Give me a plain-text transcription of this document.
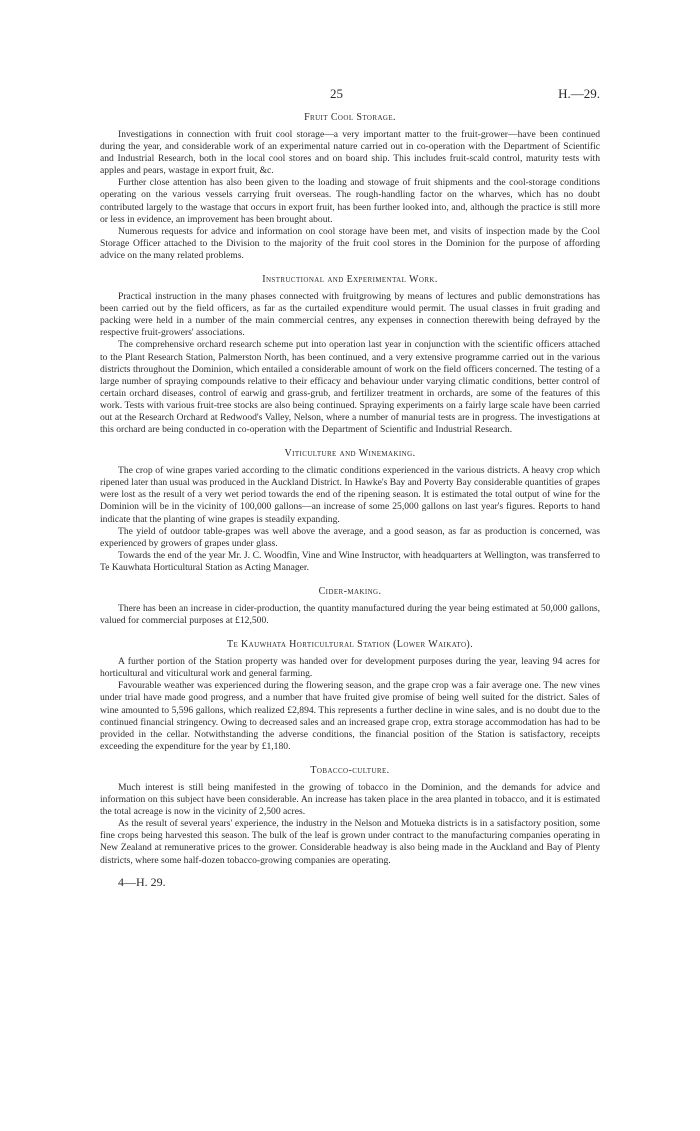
25	H.—29.
Fruit Cool Storage.

Investigations in connection with fruit cool storage—a very important matter to the fruit-grower—have been continued during the year, and considerable work of an experimental nature carried out in co-operation with the Department of Scientific and Industrial Research, both in the local cool stores and on board ship. This includes fruit-scald control, maturity tests with apples and pears, wastage in export fruit, &c.

Further close attention has also been given to the loading and stowage of fruit shipments and the cool-storage conditions operating on the various vessels carrying fruit overseas. The rough-handling factor on the wharves, which has no doubt contributed largely to the wastage that occurs in export fruit, has been further looked into, and, although the practice is still more or less in evidence, an improvement has been brought about.

Numerous requests for advice and information on cool storage have been met, and visits of inspection made by the Cool Storage Officer attached to the Division to the majority of the fruit cool stores in the Dominion for the purpose of affording advice on the many related problems.

Instructional and Experimental Work.

Practical instruction in the many phases connected with fruitgrowing by means of lectures and public demonstrations has been carried out by the field officers, as far as the curtailed expenditure would permit. The usual classes in fruit grading and packing were held in a number of the main commercial centres, any expenses in connection therewith being defrayed by the respective fruit-growers' associations.

The comprehensive orchard research scheme put into operation last year in conjunction with the scientific officers attached to the Plant Research Station, Palmerston North, has been continued, and a very extensive programme carried out in the various districts throughout the Dominion, which entailed a considerable amount of work on the field officers concerned. The testing of a large number of spraying compounds relative to their efficacy and behaviour under varying climatic conditions, better control of certain orchard diseases, control of earwig and grass-grub, and fertilizer treatment in orchards, are some of the features of this work. Tests with various fruit-tree stocks are also being continued. Spraying experiments on a fairly large scale have been carried out at the Research Orchard at Redwood's Valley, Nelson, where a number of manurial tests are in progress. The investigations at this orchard are being conducted in co-operation with the Department of Scientific and Industrial Research.

Viticulture and Winemaking.

The crop of wine grapes varied according to the climatic conditions experienced in the various districts. A heavy crop which ripened later than usual was produced in the Auckland District. In Hawke's Bay and Poverty Bay considerable quantities of grapes were lost as the result of a very wet period towards the end of the ripening season. It is estimated the total output of wine for the Dominion will be in the vicinity of 100,000 gallons—an increase of some 25,000 gallons on last year's figures. Reports to hand indicate that the planting of wine grapes is steadily expanding.

The yield of outdoor table-grapes was well above the average, and a good season, as far as production is concerned, was experienced by growers of grapes under glass.

Towards the end of the year Mr. J. C. Woodfin, Vine and Wine Instructor, with headquarters at Wellington, was transferred to Te Kauwhata Horticultural Station as Acting Manager.

Cider-making.

There has been an increase in cider-production, the quantity manufactured during the year being estimated at 50,000 gallons, valued for commercial purposes at £12,500.

Te Kauwhata Horticultural Station (Lower Waikato).

A further portion of the Station property was handed over for development purposes during the year, leaving 94 acres for horticultural and viticultural work and general farming.

Favourable weather was experienced during the flowering season, and the grape crop was a fair average one. The new vines under trial have made good progress, and a number that have fruited give promise of being well suited for the district. Sales of wine amounted to 5,596 gallons, which realized £2,894. This represents a further decline in wine sales, and is no doubt due to the continued financial stringency. Owing to decreased sales and an increased grape crop, extra storage accommodation has had to be provided in the cellar. Notwithstanding the adverse conditions, the financial position of the Station is satisfactory, receipts exceeding the expenditure for the year by £1,180.

Tobacco-culture.

Much interest is still being manifested in the growing of tobacco in the Dominion, and the demands for advice and information on this subject have been considerable. An increase has taken place in the area planted in tobacco, and it is estimated the total acreage is now in the vicinity of 2,500 acres.

As the result of several years' experience, the industry in the Nelson and Motueka districts is in a satisfactory position, some fine crops being harvested this season. The bulk of the leaf is grown under contract to the manufacturing companies operating in New Zealand at remunerative prices to the grower. Considerable headway is also being made in the Auckland and Bay of Plenty districts, where some half-dozen tobacco-growing companies are operating.

4—H. 29.
